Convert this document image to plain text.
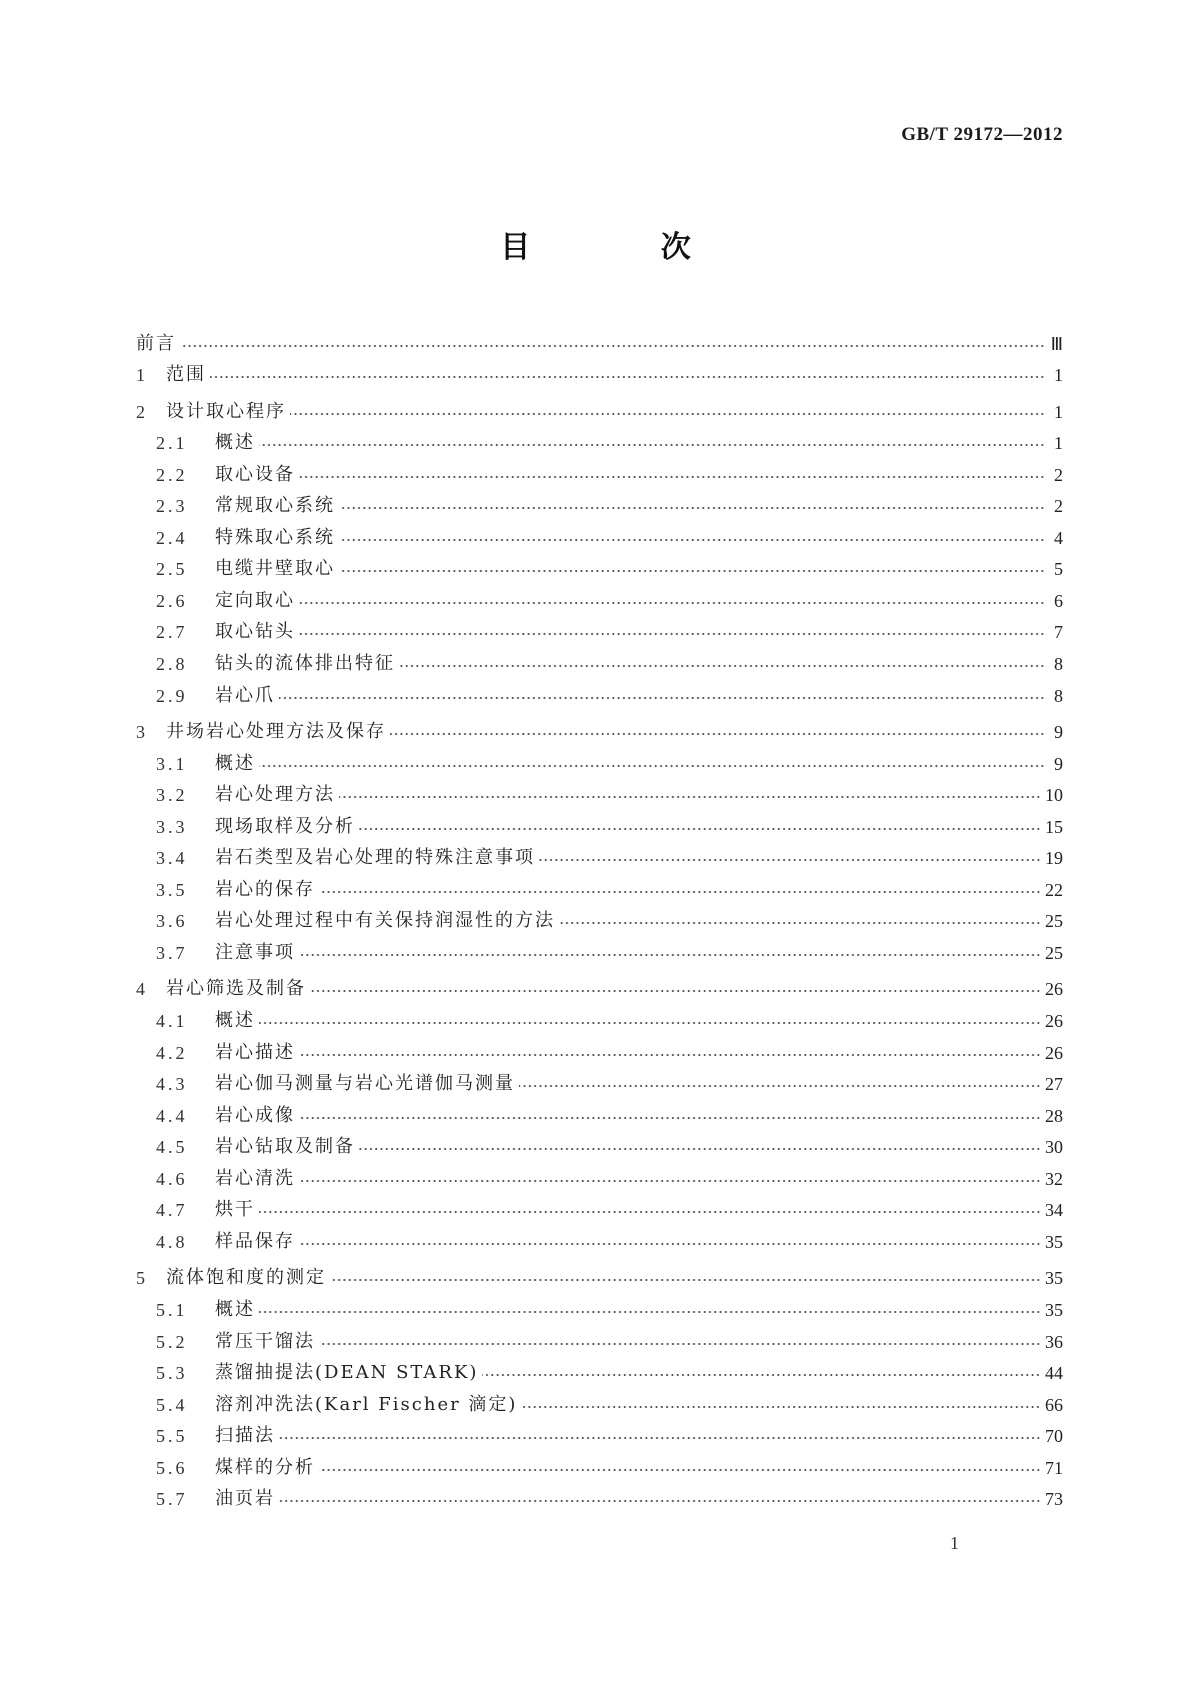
GB/T 29172—2012
目 次
前言	Ⅲ
1	范围	1
2	设计取心程序	1
2.1	概述	1
2.2	取心设备	2
2.3	常规取心系统	2
2.4	特殊取心系统	4
2.5	电缆井壁取心	5
2.6	定向取心	6
2.7	取心钻头	7
2.8	钻头的流体排出特征	8
2.9	岩心爪	8
3	井场岩心处理方法及保存	9
3.1	概述	9
3.2	岩心处理方法	10
3.3	现场取样及分析	15
3.4	岩石类型及岩心处理的特殊注意事项	19
3.5	岩心的保存	22
3.6	岩心处理过程中有关保持润湿性的方法	25
3.7	注意事项	25
4	岩心筛选及制备	26
4.1	概述	26
4.2	岩心描述	26
4.3	岩心伽马测量与岩心光谱伽马测量	27
4.4	岩心成像	28
4.5	岩心钻取及制备	30
4.6	岩心清洗	32
4.7	烘干	34
4.8	样品保存	35
5	流体饱和度的测定	35
5.1	概述	35
5.2	常压干馏法	36
5.3	蒸馏抽提法(DEAN STARK)	44
5.4	溶剂冲洗法(Karl Fischer 滴定)	66
5.5	扫描法	70
5.6	煤样的分析	71
5.7	油页岩	73
1
